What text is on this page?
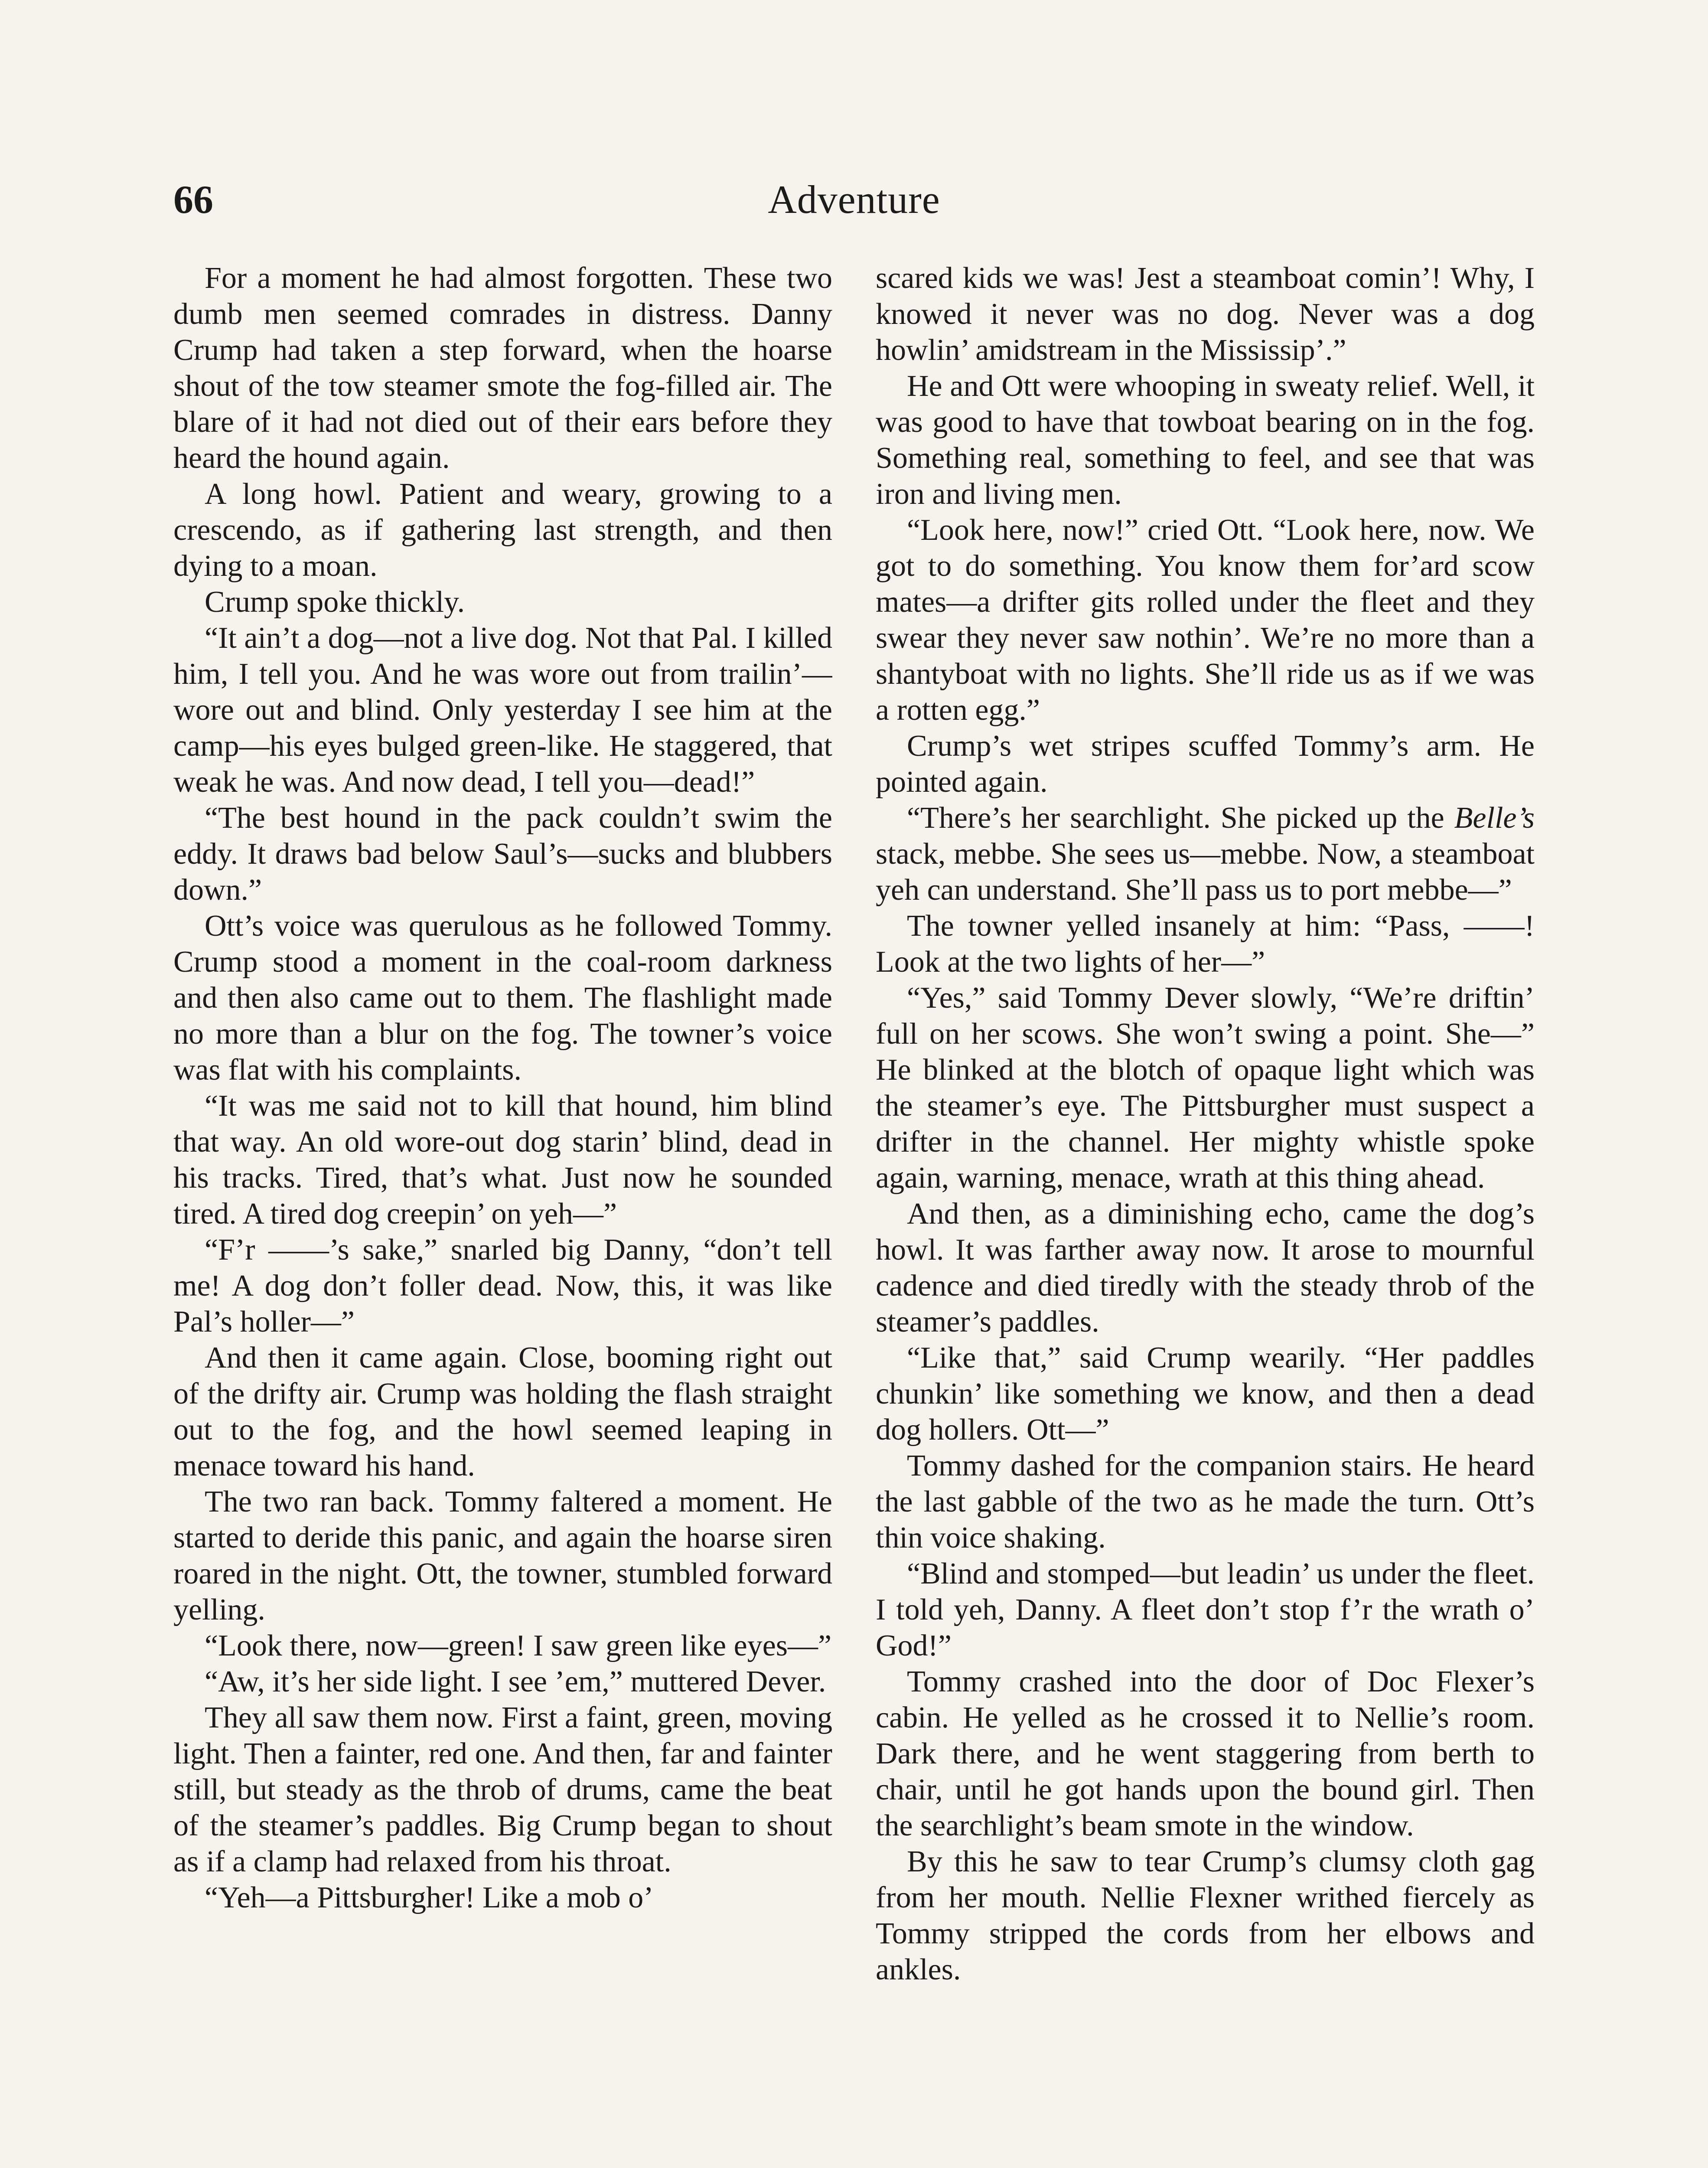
66	Adventure

For a moment he had almost forgotten. These two dumb men seemed comrades in distress. Danny Crump had taken a step forward, when the hoarse shout of the tow steamer smote the fog-filled air. The blare of it had not died out of their ears before they heard the hound again.

A long howl. Patient and weary, growing to a crescendo, as if gathering last strength, and then dying to a moan.

Crump spoke thickly.

“It ain’t a dog—not a live dog. Not that Pal. I killed him, I tell you. And he was wore out from trailin’—wore out and blind. Only yesterday I see him at the camp—his eyes bulged green-like. He staggered, that weak he was. And now dead, I tell you—dead!”

“The best hound in the pack couldn’t swim the eddy. It draws bad below Saul’s—sucks and blubbers down.”

Ott’s voice was querulous as he followed Tommy. Crump stood a moment in the coal-room darkness and then also came out to them. The flashlight made no more than a blur on the fog. The towner’s voice was flat with his complaints.

“It was me said not to kill that hound, him blind that way. An old wore-out dog starin’ blind, dead in his tracks. Tired, that’s what. Just now he sounded tired. A tired dog creepin’ on yeh—”

“F’r ——’s sake,” snarled big Danny, “don’t tell me! A dog don’t foller dead. Now, this, it was like Pal’s holler—”

And then it came again. Close, booming right out of the drifty air. Crump was holding the flash straight out to the fog, and the howl seemed leaping in menace toward his hand.

The two ran back. Tommy faltered a moment. He started to deride this panic, and again the hoarse siren roared in the night. Ott, the towner, stumbled forward yelling.

“Look there, now—green! I saw green like eyes—”

“Aw, it’s her side light. I see ’em,” muttered Dever.

They all saw them now. First a faint, green, moving light. Then a fainter, red one. And then, far and fainter still, but steady as the throb of drums, came the beat of the steamer’s paddles. Big Crump began to shout as if a clamp had relaxed from his throat.

“Yeh—a Pittsburgher! Like a mob o’

scared kids we was! Jest a steamboat comin’! Why, I knowed it never was no dog. Never was a dog howlin’ amidstream in the Mississip’.”

He and Ott were whooping in sweaty relief. Well, it was good to have that towboat bearing on in the fog. Something real, something to feel, and see that was iron and living men.

“Look here, now!” cried Ott. “Look here, now. We got to do something. You know them for’ard scow mates—a drifter gits rolled under the fleet and they swear they never saw nothin’. We’re no more than a shantyboat with no lights. She’ll ride us as if we was a rotten egg.”

Crump’s wet stripes scuffed Tommy’s arm. He pointed again.

“There’s her searchlight. She picked up the Belle’s stack, mebbe. She sees us—mebbe. Now, a steamboat yeh can understand. She’ll pass us to port mebbe—”

The towner yelled insanely at him: “Pass, ——! Look at the two lights of her—”

“Yes,” said Tommy Dever slowly, “We’re driftin’ full on her scows. She won’t swing a point. She—” He blinked at the blotch of opaque light which was the steamer’s eye. The Pittsburgher must suspect a drifter in the channel. Her mighty whistle spoke again, warning, menace, wrath at this thing ahead.

And then, as a diminishing echo, came the dog’s howl. It was farther away now. It arose to mournful cadence and died tiredly with the steady throb of the steamer’s paddles.

“Like that,” said Crump wearily. “Her paddles chunkin’ like something we know, and then a dead dog hollers. Ott—”

Tommy dashed for the companion stairs. He heard the last gabble of the two as he made the turn. Ott’s thin voice shaking.

“Blind and stomped—but leadin’ us under the fleet. I told yeh, Danny. A fleet don’t stop f’r the wrath o’ God!”

Tommy crashed into the door of Doc Flexer’s cabin. He yelled as he crossed it to Nellie’s room. Dark there, and he went staggering from berth to chair, until he got hands upon the bound girl. Then the searchlight’s beam smote in the window.

By this he saw to tear Crump’s clumsy cloth gag from her mouth. Nellie Flexner writhed fiercely as Tommy stripped the cords from her elbows and ankles.
